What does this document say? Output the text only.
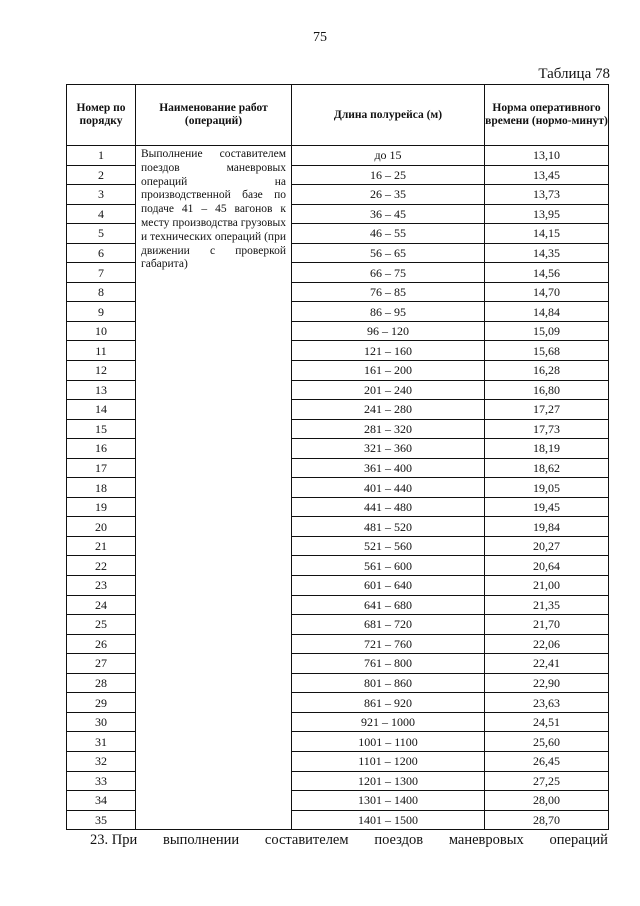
75
Таблица 78
Номер по порядку	Наименование работ (операций)	Длина полурейса (м)	Норма оперативного времени (нормо-минут)
1	Выполнение составителем поездов маневровых операций на производственной базе по подаче 41 – 45 вагонов к месту производства грузовых и технических операций (при движении с проверкой габарита)	до 15	13,10
2		16 – 25	13,45
3		26 – 35	13,73
4		36 – 45	13,95
5		46 – 55	14,15
6		56 – 65	14,35
7		66 – 75	14,56
8		76 – 85	14,70
9		86 – 95	14,84
10		96 – 120	15,09
11		121 – 160	15,68
12		161 – 200	16,28
13		201 – 240	16,80
14		241 – 280	17,27
15		281 – 320	17,73
16		321 – 360	18,19
17		361 – 400	18,62
18		401 – 440	19,05
19		441 – 480	19,45
20		481 – 520	19,84
21		521 – 560	20,27
22		561 – 600	20,64
23		601 – 640	21,00
24		641 – 680	21,35
25		681 – 720	21,70
26		721 – 760	22,06
27		761 – 800	22,41
28		801 – 860	22,90
29		861 – 920	23,63
30		921 – 1000	24,51
31		1001 – 1100	25,60
32		1101 – 1200	26,45
33		1201 – 1300	27,25
34		1301 – 1400	28,00
35		1401 – 1500	28,70
23. При выполнении составителем поездов маневровых операций
